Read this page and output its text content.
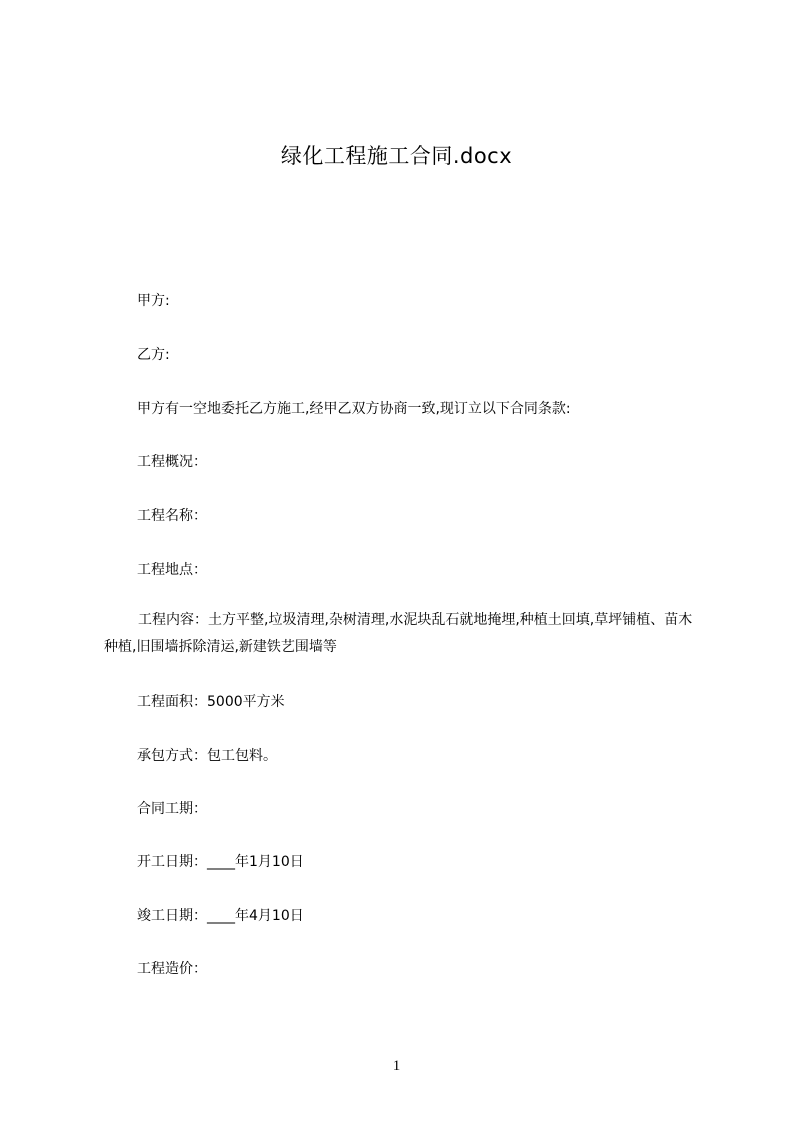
绿化工程施工合同.docx
甲方:
乙方:
甲方有一空地委托乙方施工,经甲乙双方协商一致,现订立以下合同条款:
工程概况：
工程名称：
工程地点：
工程内容：土方平整,垃圾清理,杂树清理,水泥块乱石就地掩埋,种植土回填,草坪铺植、苗木种植,旧围墙拆除清运,新建铁艺围墙等
工程面积：5000平方米
承包方式：包工包料。
合同工期：
开工日期：____年1月10日
竣工日期：____年4月10日
工程造价：
1
